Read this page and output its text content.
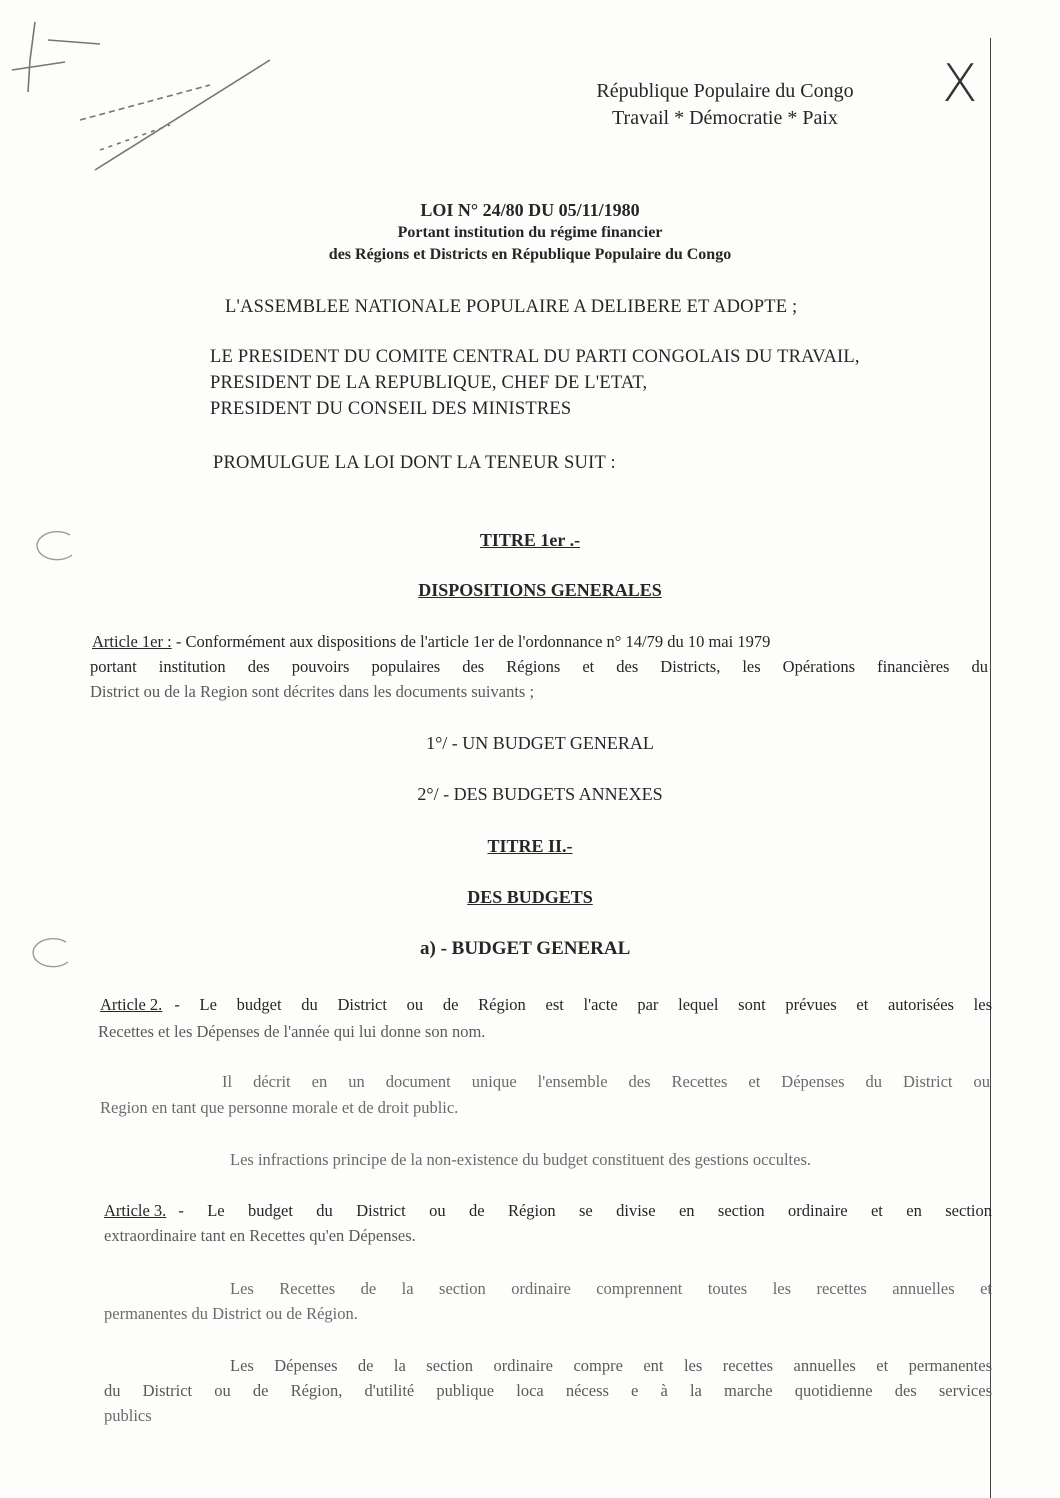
X
République Populaire du Congo
Travail * Démocratie * Paix
LOI N° 24/80 DU 05/11/1980
Portant institution du régime financier
des Régions et Districts en République Populaire du Congo
L'ASSEMBLEE NATIONALE POPULAIRE A DELIBERE ET ADOPTE ;
LE PRESIDENT DU COMITE CENTRAL DU PARTI CONGOLAIS DU TRAVAIL,
PRESIDENT DE LA REPUBLIQUE, CHEF DE L'ETAT,
PRESIDENT DU CONSEIL DES MINISTRES
PROMULGUE LA LOI DONT LA TENEUR SUIT :
TITRE 1er .-
DISPOSITIONS GENERALES
Article 1er : - Conformément aux dispositions de l'article 1er de l'ordonnance n° 14/79 du 10 mai 1979
portant institution des pouvoirs populaires des Régions et des Districts, les Opérations financières du
District ou de la Region sont décrites dans les documents suivants ;
1°/ - UN BUDGET GENERAL
2°/ - DES BUDGETS ANNEXES
TITRE II.-
DES BUDGETS
a) - BUDGET GENERAL
Article 2. - Le budget du District ou de Région est l'acte par lequel sont prévues et autorisées les
Recettes et les Dépenses de l'année qui lui donne son nom.
Il décrit en un document unique l'ensemble des Recettes et Dépenses du District ou
Region en tant que personne morale et de droit public.
Les infractions principe de la non-existence du budget constituent des gestions occultes.
Article 3. - Le budget du District ou de Région se divise en section ordinaire et en section
extraordinaire tant en Recettes qu'en Dépenses.
Les Recettes de la section ordinaire comprennent toutes les recettes annuelles et
permanentes du District ou de Région.
Les Dépenses de la section ordinaire compre ent les recettes annuelles et permanentes
du District ou de Région, d'utilité publique loca nécess e à la marche quotidienne des services
publics
